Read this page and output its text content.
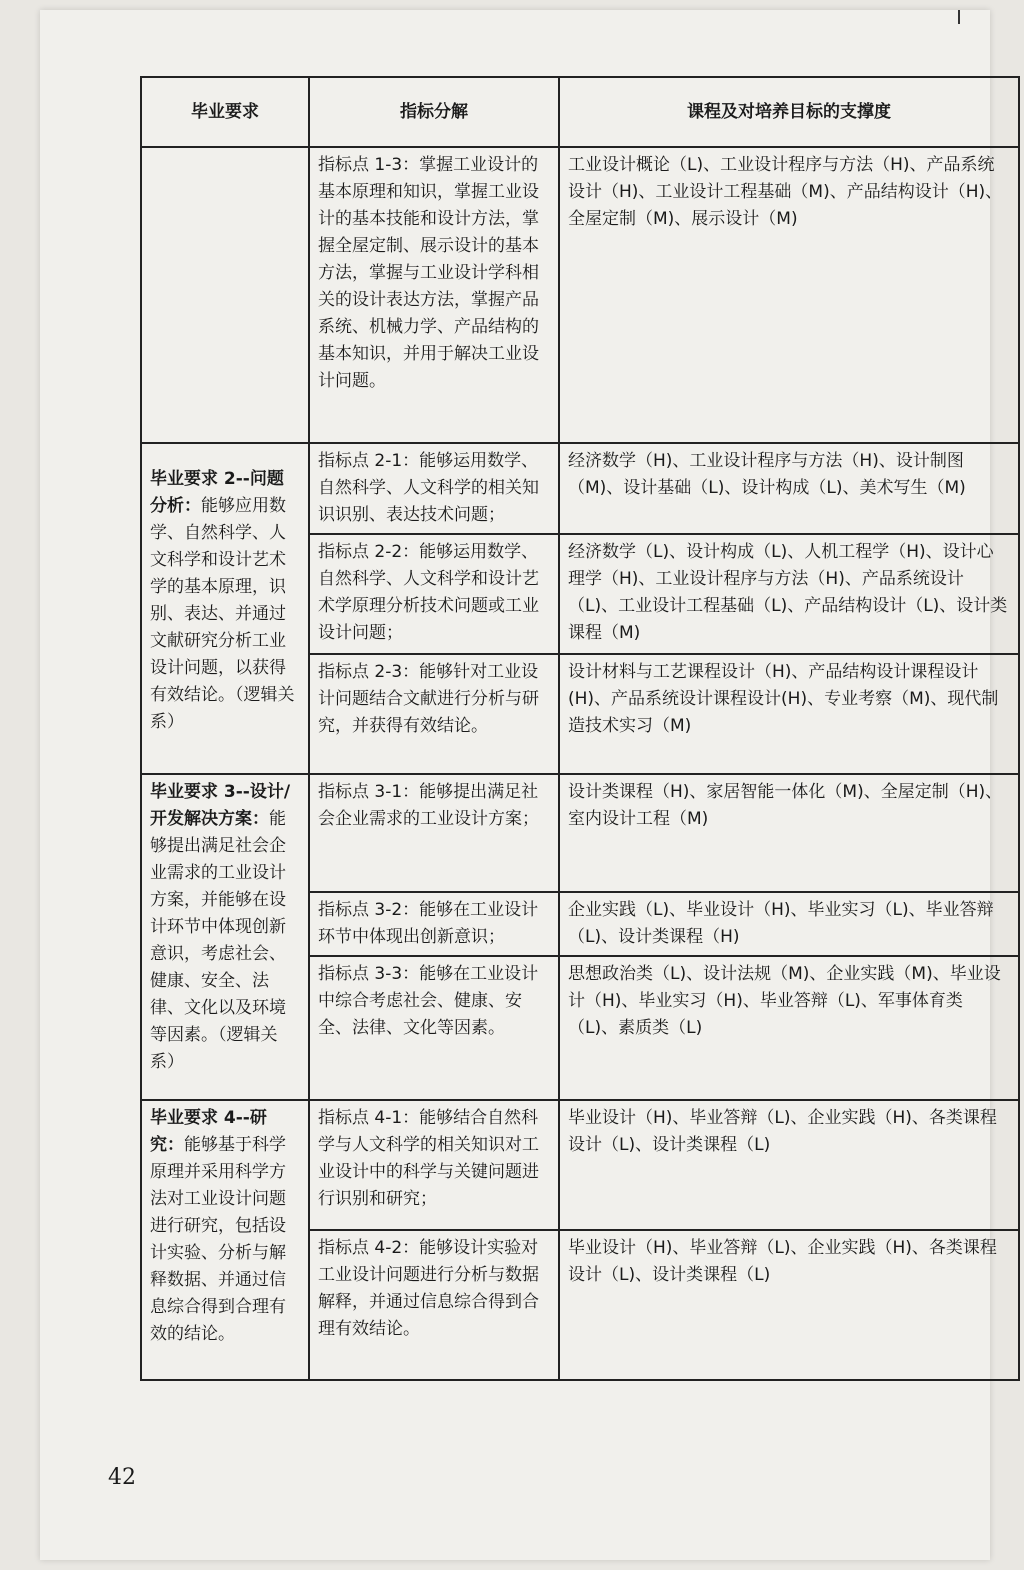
毕业要求	指标分解	课程及对培养目标的支撑度
	指标点 1-3：掌握工业设计的基本原理和知识，掌握工业设计的基本技能和设计方法，掌握全屋定制、展示设计的基本方法，掌握与工业设计学科相关的设计表达方法，掌握产品系统、机械力学、产品结构的基本知识，并用于解决工业设计问题。	工业设计概论（L)、工业设计程序与方法（H)、产品系统设计（H)、工业设计工程基础（M)、产品结构设计（H)、全屋定制（M)、展示设计（M)
毕业要求 2--问题分析：能够应用数学、自然科学、人文科学和设计艺术学的基本原理，识别、表达、并通过文献研究分析工业设计问题，以获得有效结论。（逻辑关系）	指标点 2-1：能够运用数学、自然科学、人文科学的相关知识识别、表达技术问题；	经济数学（H)、工业设计程序与方法（H)、设计制图（M)、设计基础（L)、设计构成（L)、美术写生（M)
	指标点 2-2：能够运用数学、自然科学、人文科学和设计艺术学原理分析技术问题或工业设计问题；	经济数学（L)、设计构成（L)、人机工程学（H)、设计心理学（H)、工业设计程序与方法（H)、产品系统设计（L)、工业设计工程基础（L)、产品结构设计（L)、设计类课程（M)
	指标点 2-3：能够针对工业设计问题结合文献进行分析与研究，并获得有效结论。	设计材料与工艺课程设计（H)、产品结构设计课程设计(H)、产品系统设计课程设计(H)、专业考察（M)、现代制造技术实习（M)
毕业要求 3--设计/开发解决方案：能够提出满足社会企业需求的工业设计方案，并能够在设计环节中体现创新意识，考虑社会、健康、安全、法律、文化以及环境等因素。（逻辑关系）	指标点 3-1：能够提出满足社会企业需求的工业设计方案；	设计类课程（H)、家居智能一体化（M)、全屋定制（H)、室内设计工程（M)
	指标点 3-2：能够在工业设计环节中体现出创新意识；	企业实践（L)、毕业设计（H)、毕业实习（L)、毕业答辩（L)、设计类课程（H)
	指标点 3-3：能够在工业设计中综合考虑社会、健康、安全、法律、文化等因素。	思想政治类（L)、设计法规（M)、企业实践（M)、毕业设计（H)、毕业实习（H)、毕业答辩（L)、军事体育类（L)、素质类（L)
毕业要求 4--研究：能够基于科学原理并采用科学方法对工业设计问题进行研究，包括设计实验、分析与解释数据、并通过信息综合得到合理有效的结论。	指标点 4-1：能够结合自然科学与人文科学的相关知识对工业设计中的科学与关键问题进行识别和研究；	毕业设计（H)、毕业答辩（L)、企业实践（H)、各类课程设计（L)、设计类课程（L)
	指标点 4-2：能够设计实验对工业设计问题进行分析与数据解释，并通过信息综合得到合理有效结论。	毕业设计（H)、毕业答辩（L)、企业实践（H)、各类课程设计（L)、设计类课程（L)
42
